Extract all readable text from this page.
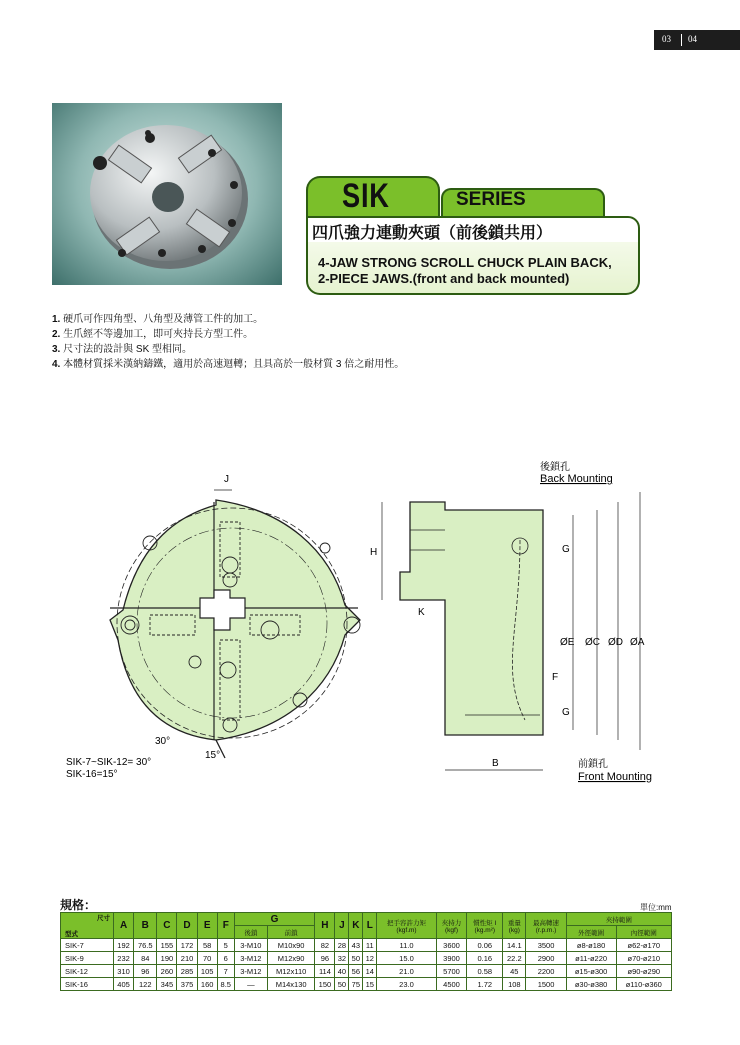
03 04
SIK	SERIES
四爪強力連動夾頭（前後鎖共用）
4-JAW STRONG SCROLL CHUCK PLAIN BACK,
2-PIECE JAWS.(front and back mounted)
1. 硬爪可作四角型、八角型及薄管工件的加工。
2. 生爪經不等邊加工，即可夾持長方型工件。
3. 尺寸法的設計與 SK 型相同。
4. 本體材質採米漢納鑄鐵，適用於高速迴轉；且具高於一般材質 3 倍之耐用性。
J
30°
15°
SIK-7~SIK-12= 30°
SIK-16=15°
H
K
B
G
F
G
ØE ØC ØD ØA
後鎖孔
Back Mounting
前鎖孔
Front Mounting
規格：	單位:mm
尺寸
型式	A	B	C	D	E	F	G		H	J	K	L	把手容許力矩
(kgf.m)	夾持力
(kgf)	慣性矩 I
(kg.m²)	重量
(kg)	最高轉速
(r.p.m.)	夾持範圍	
							後鎖	前鎖										外徑範圍	內徑範圍
SIK-7	192	76.5	155	172	58	5	3-M10	M10x90	82	28	43	11	11.0	3600	0.06	14.1	3500	ø8-ø180	ø62-ø170
SIK-9	232	84	190	210	70	6	3-M12	M12x90	96	32	50	12	15.0	3900	0.16	22.2	2900	ø11-ø220	ø70-ø210
SIK-12	310	96	260	285	105	7	3-M12	M12x110	114	40	56	14	21.0	5700	0.58	45	2200	ø15-ø300	ø90-ø290
SIK-16	405	122	345	375	160	8.5	—	M14x130	150	50	75	15	23.0	4500	1.72	108	1500	ø30-ø380	ø110-ø360
